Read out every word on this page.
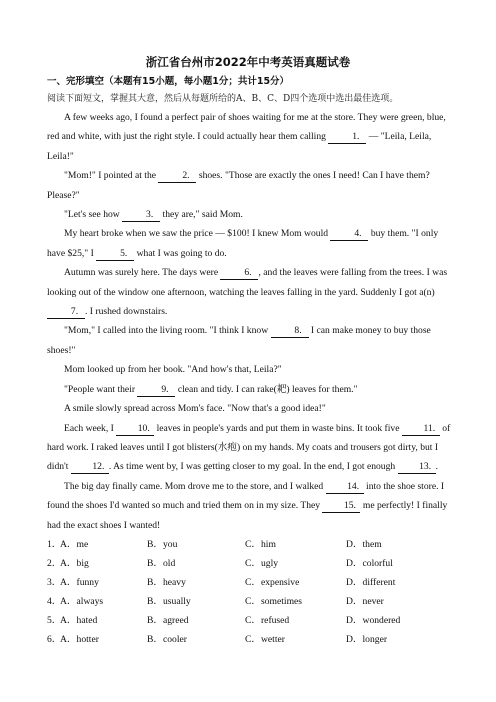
浙江省台州市2022年中考英语真题试卷
一、完形填空（本题有15小题，每小题1分；共计15分）
阅读下面短文，掌握其大意，然后从每题所给的A、B、C、D四个选项中选出最佳选项。

A few weeks ago, I found a perfect pair of shoes waiting for me at the store. They were green, blue, red and white, with just the right style. I could actually hear them calling 1. — "Leila, Leila, Leila!"

"Mom!" I pointed at the 2. shoes. "Those are exactly the ones I need! Can I have them? Please?"

"Let's see how 3. they are," said Mom.

My heart broke when we saw the price — $100! I knew Mom would 4. buy them. "I only have $25," I 5. what I was going to do.

Autumn was surely here. The days were 6. , and the leaves were falling from the trees. I was looking out of the window one afternoon, watching the leaves falling in the yard. Suddenly I got a(n) 7. . I rushed downstairs.

"Mom," I called into the living room. "I think I know 8. I can make money to buy those shoes!"

Mom looked up from her book. "And how's that, Leila?"

"People want their 9. clean and tidy. I can rake(耙) leaves for them."

A smile slowly spread across Mom's face. "Now that's a good idea!"

Each week, I 10. leaves in people's yards and put them in waste bins. It took five 11. of hard work. I raked leaves until I got blisters(水疱) on my hands. My coats and trousers got dirty, but I didn't 12. . As time went by, I was getting closer to my goal. In the end, I got enough 13. .

The big day finally came. Mom drove me to the store, and I walked 14. into the shoe store. I found the shoes I'd wanted so much and tried them on in my size. They 15. me perfectly! I finally had the exact shoes I wanted!

1．
A．me	B．you	C．him	D．them
2．
A．big	B．old	C．ugly	D．colorful
3．
A．funny	B．heavy	C．expensive	D．different
4．
A．always	B．usually	C．sometimes	D．never
5．
A．hated	B．agreed	C．refused	D．wondered
6．
A．hotter	B．cooler	C．wetter	D．longer
